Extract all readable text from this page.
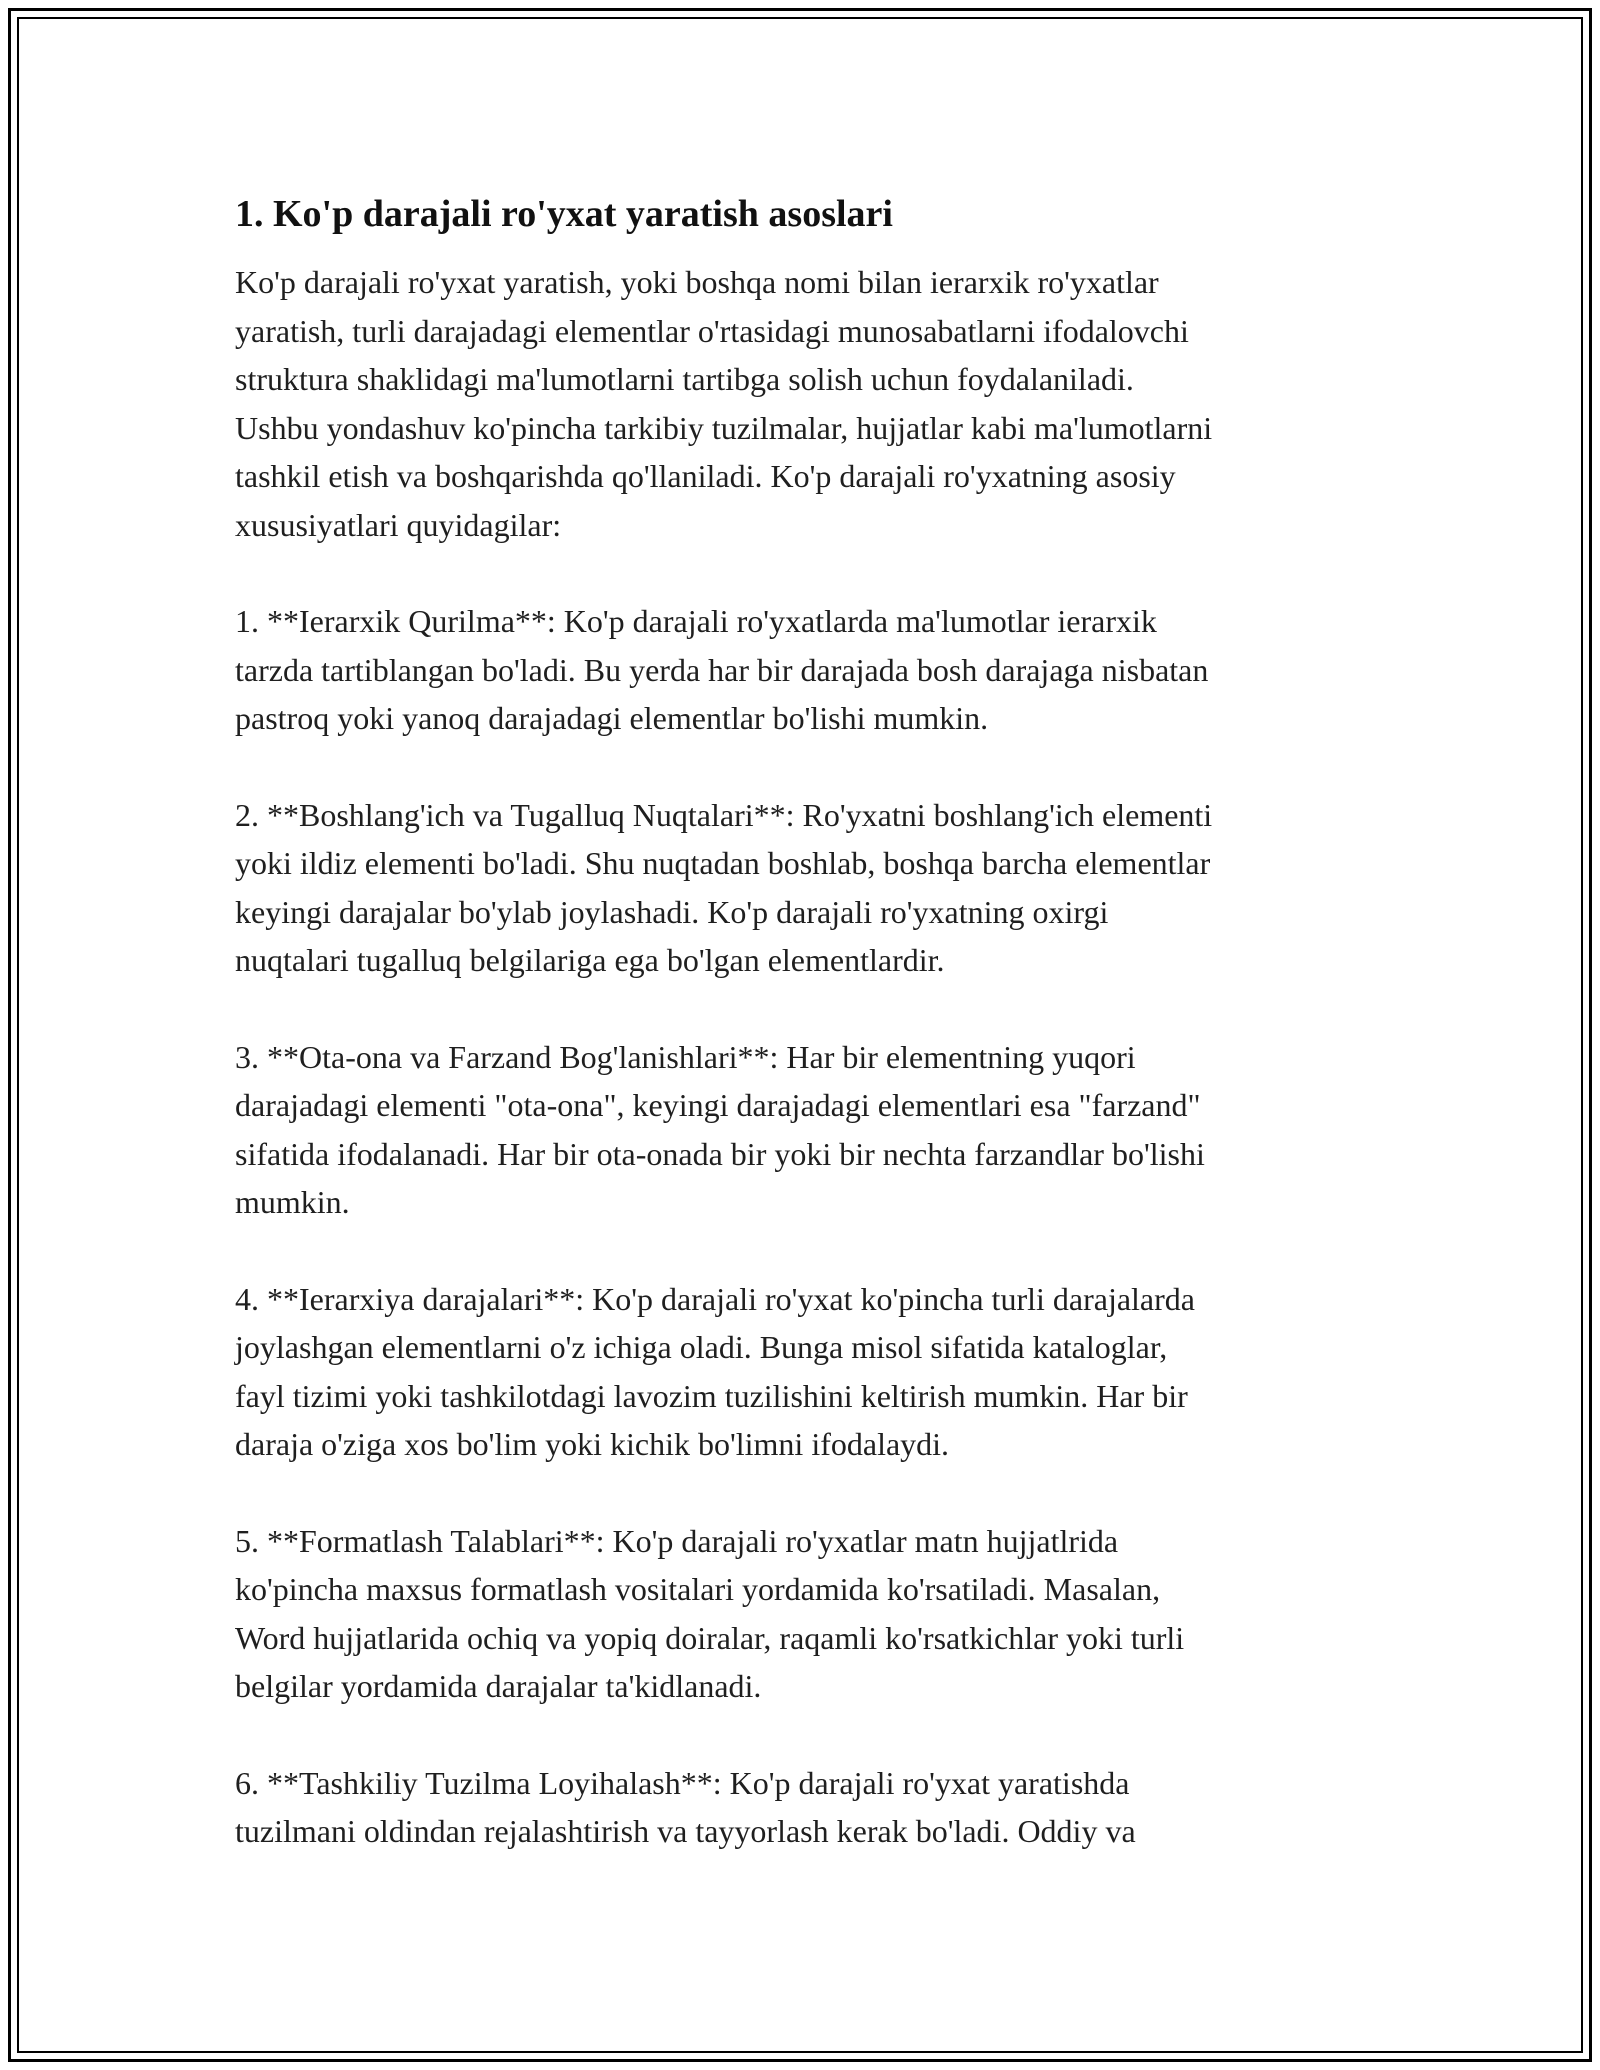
1. Ko'p darajali ro'yxat yaratish asoslari

Ko'p darajali ro'yxat yaratish, yoki boshqa nomi bilan ierarxik ro'yxatlar
yaratish, turli darajadagi elementlar o'rtasidagi munosabatlarni ifodalovchi
struktura shaklidagi ma'lumotlarni tartibga solish uchun foydalaniladi.
Ushbu yondashuv ko'pincha tarkibiy tuzilmalar, hujjatlar kabi ma'lumotlarni
tashkil etish va boshqarishda qo'llaniladi. Ko'p darajali ro'yxatning asosiy
xususiyatlari quyidagilar:

1. **Ierarxik Qurilma**: Ko'p darajali ro'yxatlarda ma'lumotlar ierarxik
tarzda tartiblangan bo'ladi. Bu yerda har bir darajada bosh darajaga nisbatan
pastroq yoki yanoq darajadagi elementlar bo'lishi mumkin.

2. **Boshlang'ich va Tugalluq Nuqtalari**: Ro'yxatni boshlang'ich elementi
yoki ildiz elementi bo'ladi. Shu nuqtadan boshlab, boshqa barcha elementlar
keyingi darajalar bo'ylab joylashadi. Ko'p darajali ro'yxatning oxirgi
nuqtalari tugalluq belgilariga ega bo'lgan elementlardir.

3. **Ota-ona va Farzand Bog'lanishlari**: Har bir elementning yuqori
darajadagi elementi "ota-ona", keyingi darajadagi elementlari esa "farzand"
sifatida ifodalanadi. Har bir ota-onada bir yoki bir nechta farzandlar bo'lishi
mumkin.

4. **Ierarxiya darajalari**: Ko'p darajali ro'yxat ko'pincha turli darajalarda
joylashgan elementlarni o'z ichiga oladi. Bunga misol sifatida kataloglar,
fayl tizimi yoki tashkilotdagi lavozim tuzilishini keltirish mumkin. Har bir
daraja o'ziga xos bo'lim yoki kichik bo'limni ifodalaydi.

5. **Formatlash Talablari**: Ko'p darajali ro'yxatlar matn hujjatlrida
ko'pincha maxsus formatlash vositalari yordamida ko'rsatiladi. Masalan,
Word hujjatlarida ochiq va yopiq doiralar, raqamli ko'rsatkichlar yoki turli
belgilar yordamida darajalar ta'kidlanadi.

6. **Tashkiliy Tuzilma Loyihalash**: Ko'p darajali ro'yxat yaratishda
tuzilmani oldindan rejalashtirish va tayyorlash kerak bo'ladi. Oddiy va
